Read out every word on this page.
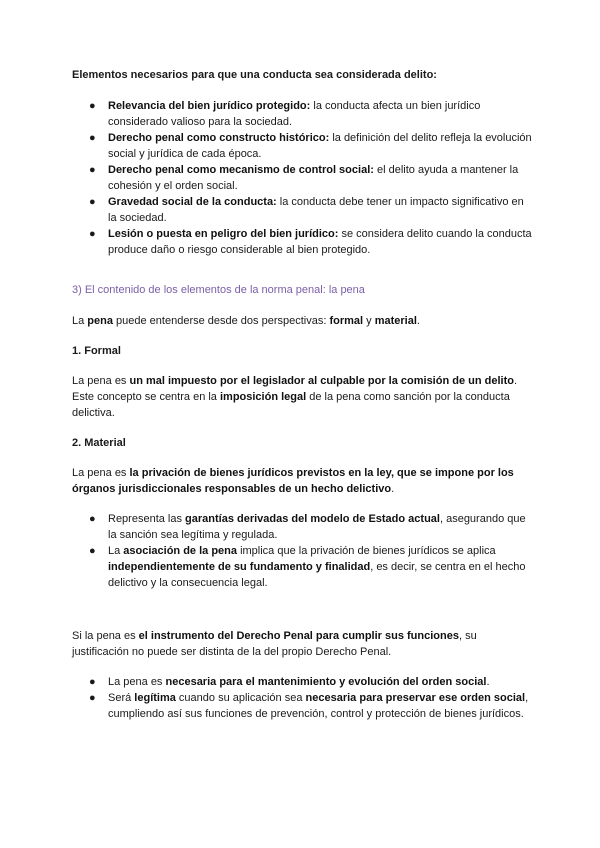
Elementos necesarios para que una conducta sea considerada delito:

● Relevancia del bien jurídico protegido: la conducta afecta un bien jurídico considerado valioso para la sociedad.
● Derecho penal como constructo histórico: la definición del delito refleja la evolución social y jurídica de cada época.
● Derecho penal como mecanismo de control social: el delito ayuda a mantener la cohesión y el orden social.
● Gravedad social de la conducta: la conducta debe tener un impacto significativo en la sociedad.
● Lesión o puesta en peligro del bien jurídico: se considera delito cuando la conducta produce daño o riesgo considerable al bien protegido.

3) El contenido de los elementos de la norma penal: la pena

La pena puede entenderse desde dos perspectivas: formal y material.

1. Formal

La pena es un mal impuesto por el legislador al culpable por la comisión de un delito. Este concepto se centra en la imposición legal de la pena como sanción por la conducta delictiva.

2. Material

La pena es la privación de bienes jurídicos previstos en la ley, que se impone por los órganos jurisdiccionales responsables de un hecho delictivo.

● Representa las garantías derivadas del modelo de Estado actual, asegurando que la sanción sea legítima y regulada.
● La asociación de la pena implica que la privación de bienes jurídicos se aplica independientemente de su fundamento y finalidad, es decir, se centra en el hecho delictivo y la consecuencia legal.

Si la pena es el instrumento del Derecho Penal para cumplir sus funciones, su justificación no puede ser distinta de la del propio Derecho Penal.

● La pena es necesaria para el mantenimiento y evolución del orden social.
● Será legítima cuando su aplicación sea necesaria para preservar ese orden social, cumpliendo así sus funciones de prevención, control y protección de bienes jurídicos.
